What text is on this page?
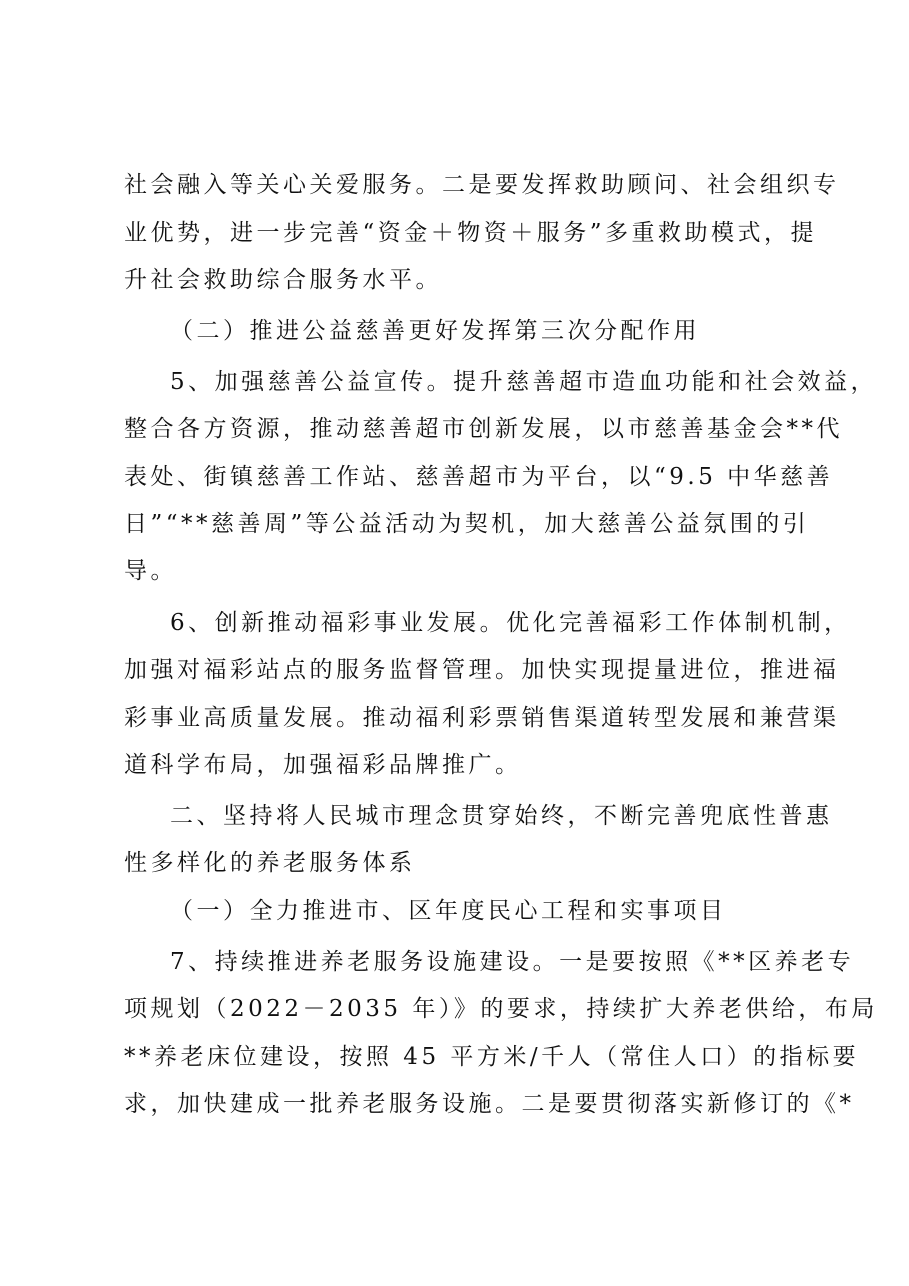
社会融入等关心关爱服务。二是要发挥救助顾问、社会组织专
业优势，进一步完善“资金＋物资＋服务”多重救助模式，提
升社会救助综合服务水平。
（二）推进公益慈善更好发挥第三次分配作用
5、加强慈善公益宣传。提升慈善超市造血功能和社会效益，
整合各方资源，推动慈善超市创新发展，以市慈善基金会**代
表处、街镇慈善工作站、慈善超市为平台，以“9.5 中华慈善
日”“**慈善周”等公益活动为契机，加大慈善公益氛围的引
导。
6、创新推动福彩事业发展。优化完善福彩工作体制机制，
加强对福彩站点的服务监督管理。加快实现提量进位，推进福
彩事业高质量发展。推动福利彩票销售渠道转型发展和兼营渠
道科学布局，加强福彩品牌推广。
二、坚持将人民城市理念贯穿始终，不断完善兜底性普惠
性多样化的养老服务体系
（一）全力推进市、区年度民心工程和实事项目
7、持续推进养老服务设施建设。一是要按照《**区养老专
项规划（2022－2035 年）》的要求，持续扩大养老供给，布局
**养老床位建设，按照 45 平方米/千人（常住人口）的指标要
求，加快建成一批养老服务设施。二是要贯彻落实新修订的《*
